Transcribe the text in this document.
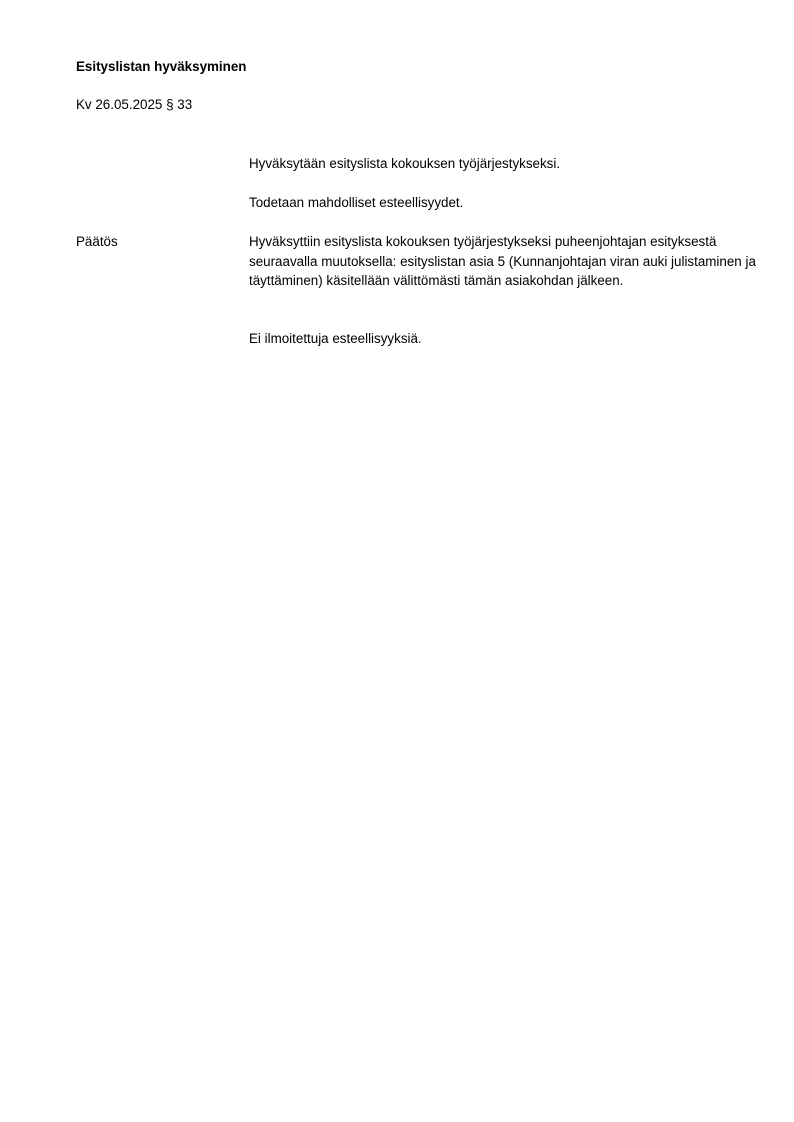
Esityslistan hyväksyminen
Kv 26.05.2025 § 33

Hyväksytään esityslista kokouksen työjärjestykseksi.

Todetaan mahdolliset esteellisyydet.

Päätös	Hyväksyttiin esityslista kokouksen työjärjestykseksi puheenjohtajan esityksestä seuraavalla muutoksella: esityslistan asia 5 (Kunnanjohtajan viran auki julistaminen ja täyttäminen) käsitellään välittömästi tämän asiakohdan jälkeen.

Ei ilmoitettuja esteellisyyksiä.
